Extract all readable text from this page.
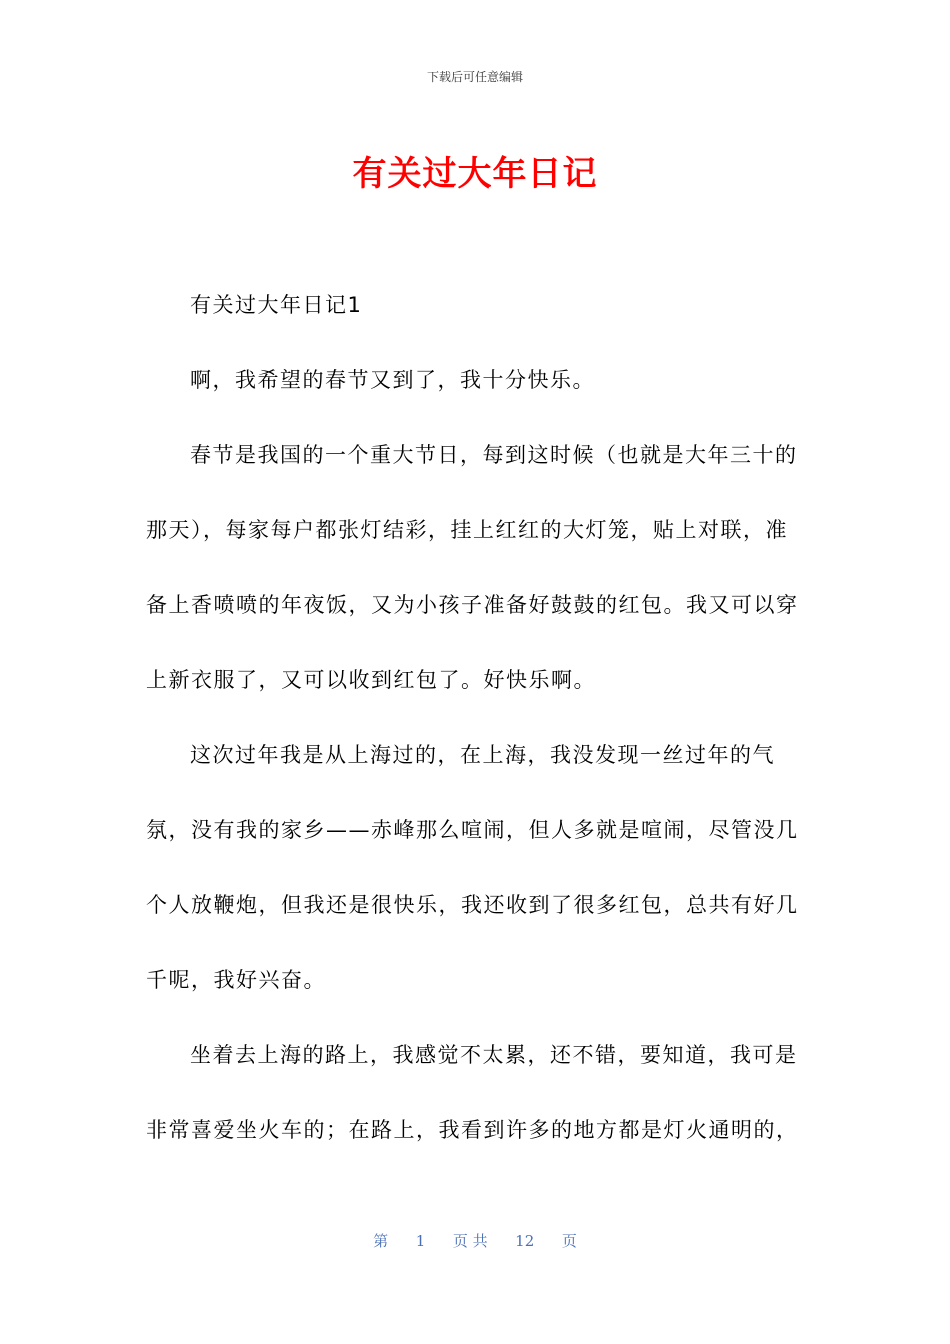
下载后可任意编辑
有关过大年日记

有关过大年日记1

啊，我希望的春节又到了，我十分快乐。

春节是我国的一个重大节日，每到这时候（也就是大年三十的那天），每家每户都张灯结彩，挂上红红的大灯笼，贴上对联，准备上香喷喷的年夜饭，又为小孩子准备好鼓鼓的红包。我又可以穿上新衣服了，又可以收到红包了。好快乐啊。

这次过年我是从上海过的，在上海，我没发现一丝过年的气氛，没有我的家乡——赤峰那么喧闹，但人多就是喧闹，尽管没几个人放鞭炮，但我还是很快乐，我还收到了很多红包，总共有好几千呢，我好兴奋。

坐着去上海的路上，我感觉不太累，还不错，要知道，我可是非常喜爱坐火车的；在路上，我看到许多的地方都是灯火通明的，

第 1 页 共 12 页
